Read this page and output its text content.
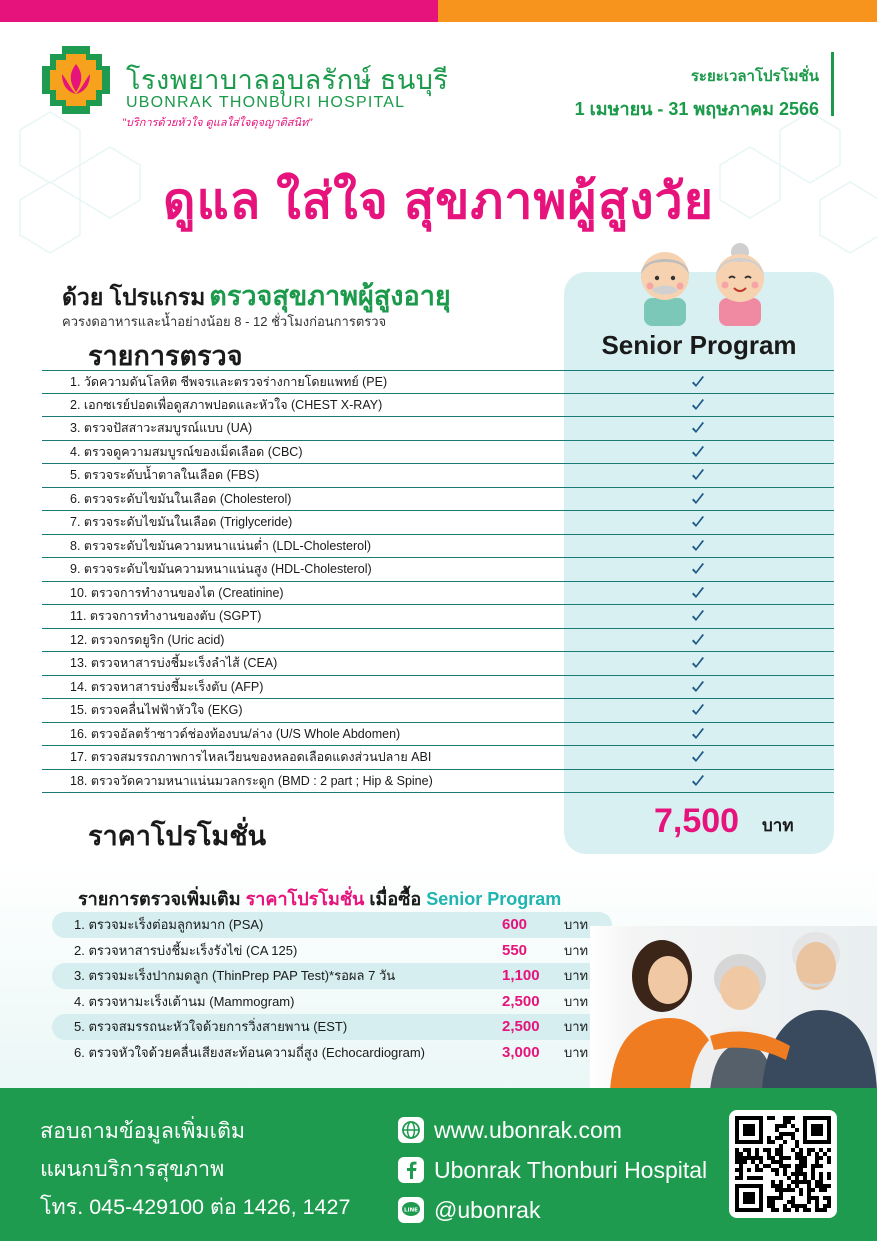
โรงพยาบาลอุบลรักษ์ ธนบุรี
UBONRAK THONBURI HOSPITAL
"บริการด้วยหัวใจ ดูแลใส่ใจดุจญาติสนิท"
ระยะเวลาโปรโมชั่น
1 เมษายน - 31 พฤษภาคม 2566
ดูแล ใส่ใจ สุขภาพผู้สูงวัย
ด้วย โปรแกรม ตรวจสุขภาพผู้สูงอายุ
ควรงดอาหารและน้ำอย่างน้อย 8 - 12 ชั่วโมงก่อนการตรวจ
รายการตรวจ	Senior Program
1. วัดความดันโลหิต ชีพจรและตรวจร่างกายโดยแพทย์ (PE)
2. เอกซเรย์ปอดเพื่อดูสภาพปอดและหัวใจ (CHEST X-RAY)
3. ตรวจปัสสาวะสมบูรณ์แบบ (UA)
4. ตรวจดูความสมบูรณ์ของเม็ดเลือด (CBC)
5. ตรวจระดับน้ำตาลในเลือด (FBS)
6. ตรวจระดับไขมันในเลือด (Cholesterol)
7. ตรวจระดับไขมันในเลือด (Triglyceride)
8. ตรวจระดับไขมันความหนาแน่นต่ำ (LDL-Cholesterol)
9. ตรวจระดับไขมันความหนาแน่นสูง (HDL-Cholesterol)
10. ตรวจการทำงานของไต (Creatinine)
11. ตรวจการทำงานของตับ (SGPT)
12. ตรวจกรดยูริก (Uric acid)
13. ตรวจหาสารบ่งชี้มะเร็งลำไส้ (CEA)
14. ตรวจหาสารบ่งชี้มะเร็งตับ (AFP)
15. ตรวจคลื่นไฟฟ้าหัวใจ (EKG)
16. ตรวจอัลตร้าซาวด์ช่องท้องบน/ล่าง (U/S Whole Abdomen)
17. ตรวจสมรรถภาพการไหลเวียนของหลอดเลือดแดงส่วนปลาย ABI
18. ตรวจวัดความหนาแน่นมวลกระดูก (BMD : 2 part ; Hip & Spine)
ราคาโปรโมชั่น	7,500 บาท
รายการตรวจเพิ่มเติม ราคาโปรโมชั่น เมื่อซื้อ Senior Program
1. ตรวจมะเร็งต่อมลูกหมาก (PSA)	600	บาท
2. ตรวจหาสารบ่งชี้มะเร็งรังไข่ (CA 125)	550	บาท
3. ตรวจมะเร็งปากมดลูก (ThinPrep PAP Test)*รอผล 7 วัน	1,100 บาท
4. ตรวจหามะเร็งเต้านม (Mammogram)	2,500 บาท
5. ตรวจสมรรถนะหัวใจด้วยการวิ่งสายพาน (EST)	2,500 บาท
6. ตรวจหัวใจด้วยคลื่นเสียงสะท้อนความถี่สูง (Echocardiogram)	3,000 บาท
สอบถามข้อมูลเพิ่มเติม
แผนกบริการสุขภาพ
โทร. 045-429100 ต่อ 1426, 1427
www.ubonrak.com
Ubonrak Thonburi Hospital
LINE @ubonrak
